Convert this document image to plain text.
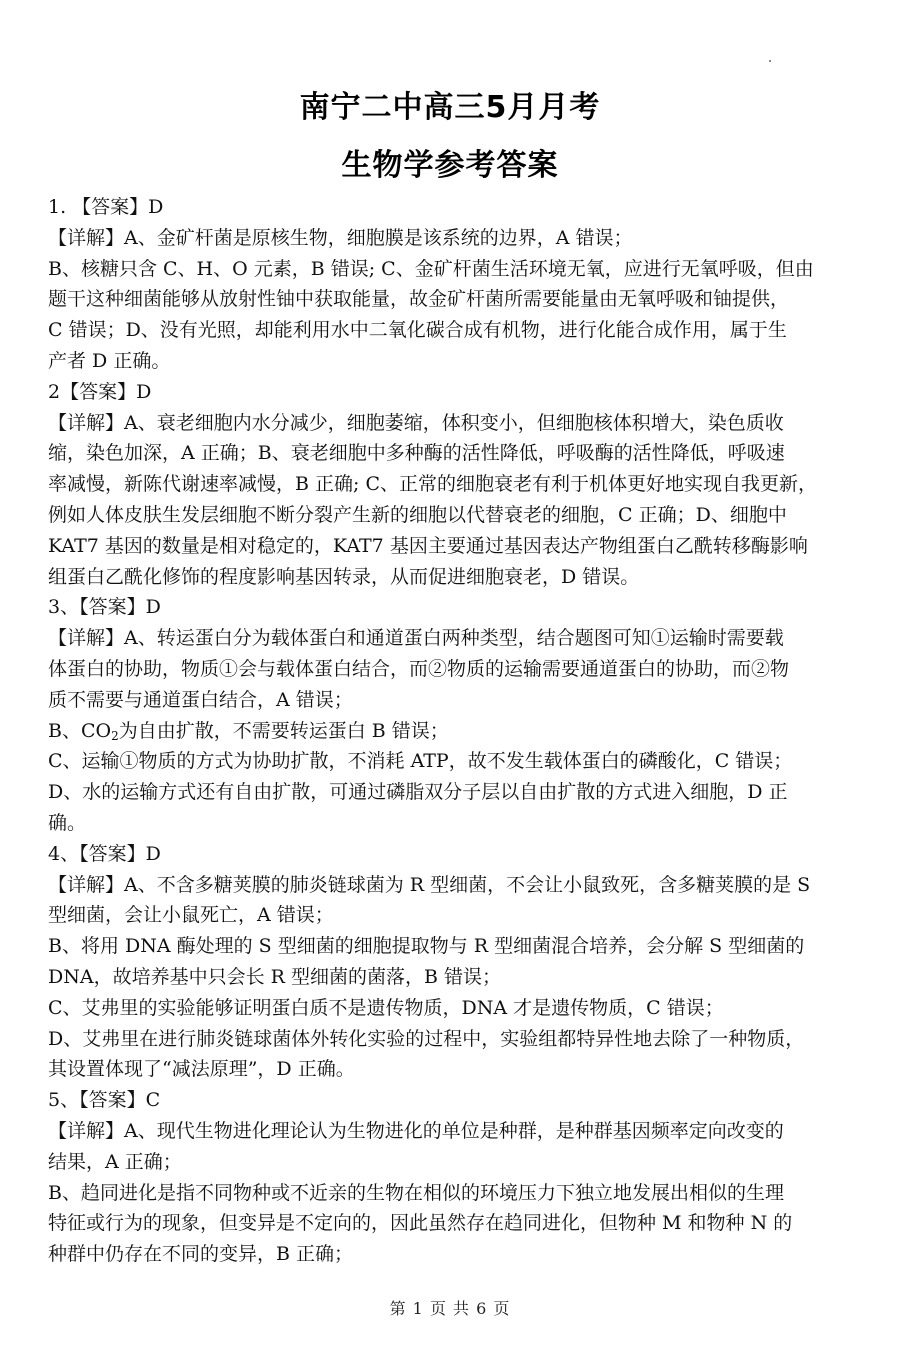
南宁二中高三5月月考
生物学参考答案

1. 【答案】D

【详解】A、金矿杆菌是原核生物，细胞膜是该系统的边界，A 错误；

B、核糖只含 C、H、O 元素，B 错误; C、金矿杆菌生活环境无氧，应进行无氧呼吸，但由

题干这种细菌能够从放射性铀中获取能量，故金矿杆菌所需要能量由无氧呼吸和铀提供，

C 错误；D、没有光照，却能利用水中二氧化碳合成有机物，进行化能合成作用，属于生

产者 D 正确。

2【答案】D

【详解】A、衰老细胞内水分减少，细胞萎缩，体积变小，但细胞核体积增大，染色质收

缩，染色加深，A 正确；B、衰老细胞中多种酶的活性降低，呼吸酶的活性降低，呼吸速

率减慢，新陈代谢速率减慢，B 正确; C、正常的细胞衰老有利于机体更好地实现自我更新，

例如人体皮肤生发层细胞不断分裂产生新的细胞以代替衰老的细胞，C 正确；D、细胞中

KAT7 基因的数量是相对稳定的，KAT7 基因主要通过基因表达产物组蛋白乙酰转移酶影响

组蛋白乙酰化修饰的程度影响基因转录，从而促进细胞衰老，D 错误。

3、【答案】D

【详解】A、转运蛋白分为载体蛋白和通道蛋白两种类型，结合题图可知①运输时需要载

体蛋白的协助，物质①会与载体蛋白结合，而②物质的运输需要通道蛋白的协助，而②物

质不需要与通道蛋白结合，A 错误；

B、$CO_2$为自由扩散，不需要转运蛋白 B 错误；

C、运输①物质的方式为协助扩散，不消耗 ATP，故不发生载体蛋白的磷酸化，C 错误；

D、水的运输方式还有自由扩散，可通过磷脂双分子层以自由扩散的方式进入细胞，D 正

确。

4、【答案】D

【详解】A、不含多糖荚膜的肺炎链球菌为 R 型细菌，不会让小鼠致死，含多糖荚膜的是 S

型细菌，会让小鼠死亡，A 错误；

B、将用 DNA 酶处理的 S 型细菌的细胞提取物与 R 型细菌混合培养，会分解 S 型细菌的

DNA，故培养基中只会长 R 型细菌的菌落，B 错误；

C、艾弗里的实验能够证明蛋白质不是遗传物质，DNA 才是遗传物质，C 错误；

D、艾弗里在进行肺炎链球菌体外转化实验的过程中，实验组都特异性地去除了一种物质，

其设置体现了“减法原理”，D 正确。

5、【答案】C

【详解】A、现代生物进化理论认为生物进化的单位是种群，是种群基因频率定向改变的

结果，A 正确；

B、趋同进化是指不同物种或不近亲的生物在相似的环境压力下独立地发展出相似的生理

特征或行为的现象，但变异是不定向的，因此虽然存在趋同进化，但物种 M 和物种 N 的

种群中仍存在不同的变异，B 正确；

第 1 页 共 6 页
